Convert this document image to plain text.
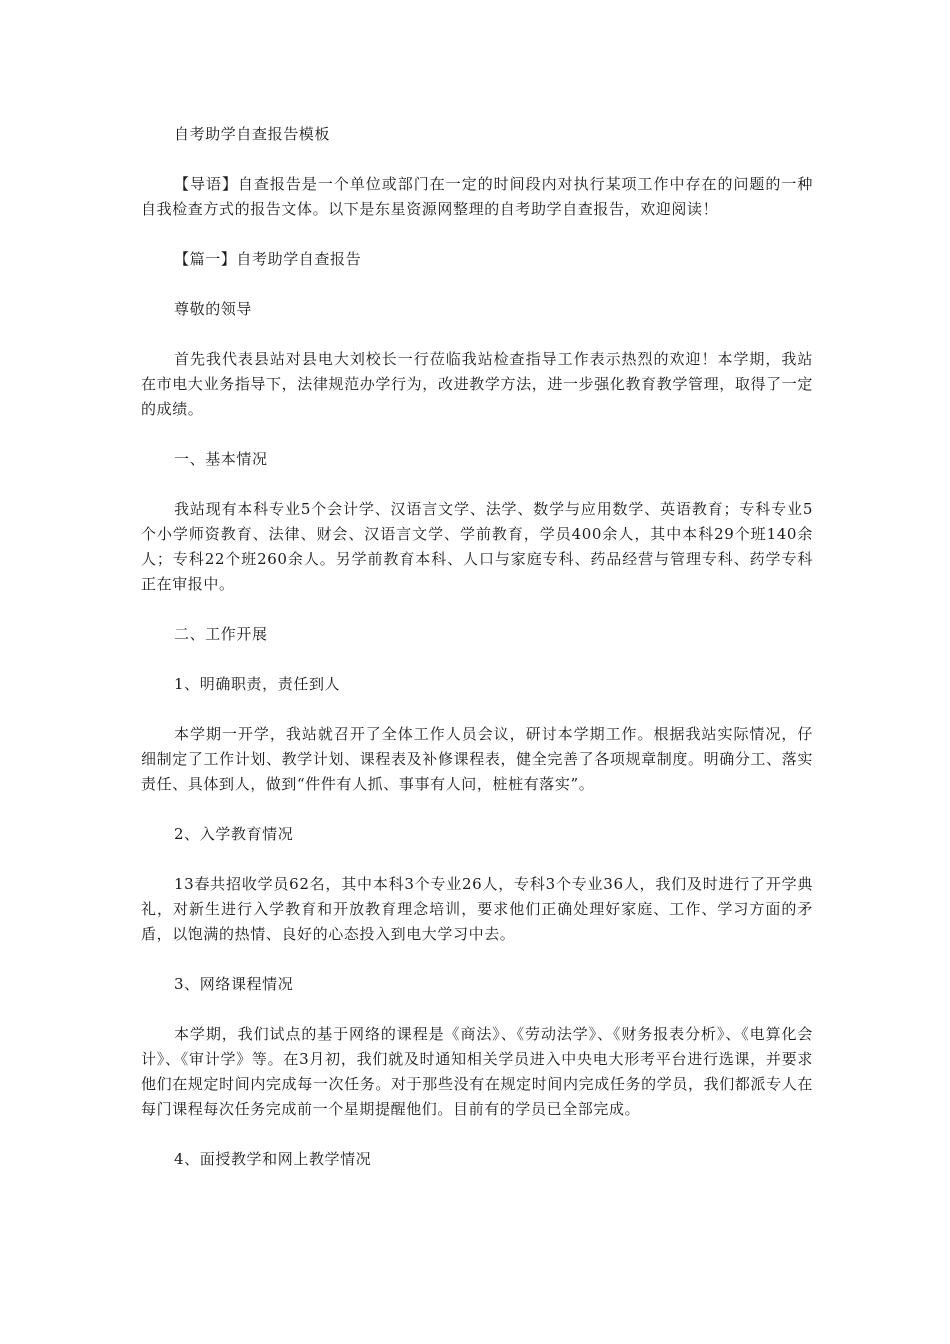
自考助学自查报告模板

【导语】自查报告是一个单位或部门在一定的时间段内对执行某项工作中存在的问题的一种自我检查方式的报告文体。以下是东星资源网整理的自考助学自查报告，欢迎阅读！

【篇一】自考助学自查报告

尊敬的领导

首先我代表县站对县电大刘校长一行莅临我站检查指导工作表示热烈的欢迎！本学期，我站在市电大业务指导下，法律规范办学行为，改进教学方法，进一步强化教育教学管理，取得了一定的成绩。

一、基本情况

我站现有本科专业5个会计学、汉语言文学、法学、数学与应用数学、英语教育；专科专业5个小学师资教育、法律、财会、汉语言文学、学前教育，学员400余人，其中本科29个班140余人；专科22个班260余人。另学前教育本科、人口与家庭专科、药品经营与管理专科、药学专科正在审报中。

二、工作开展

1、明确职责，责任到人

本学期一开学，我站就召开了全体工作人员会议，研讨本学期工作。根据我站实际情况，仔细制定了工作计划、教学计划、课程表及补修课程表，健全完善了各项规章制度。明确分工、落实责任、具体到人，做到“件件有人抓、事事有人问，桩桩有落实”。

2、入学教育情况

13春共招收学员62名，其中本科3个专业26人，专科3个专业36人，我们及时进行了开学典礼，对新生进行入学教育和开放教育理念培训，要求他们正确处理好家庭、工作、学习方面的矛盾，以饱满的热情、良好的心态投入到电大学习中去。

3、网络课程情况

本学期，我们试点的基于网络的课程是《商法》、《劳动法学》、《财务报表分析》、《电算化会计》、《审计学》等。在3月初，我们就及时通知相关学员进入中央电大形考平台进行选课，并要求他们在规定时间内完成每一次任务。对于那些没有在规定时间内完成任务的学员，我们都派专人在每门课程每次任务完成前一个星期提醒他们。目前有的学员已全部完成。

4、面授教学和网上教学情况
